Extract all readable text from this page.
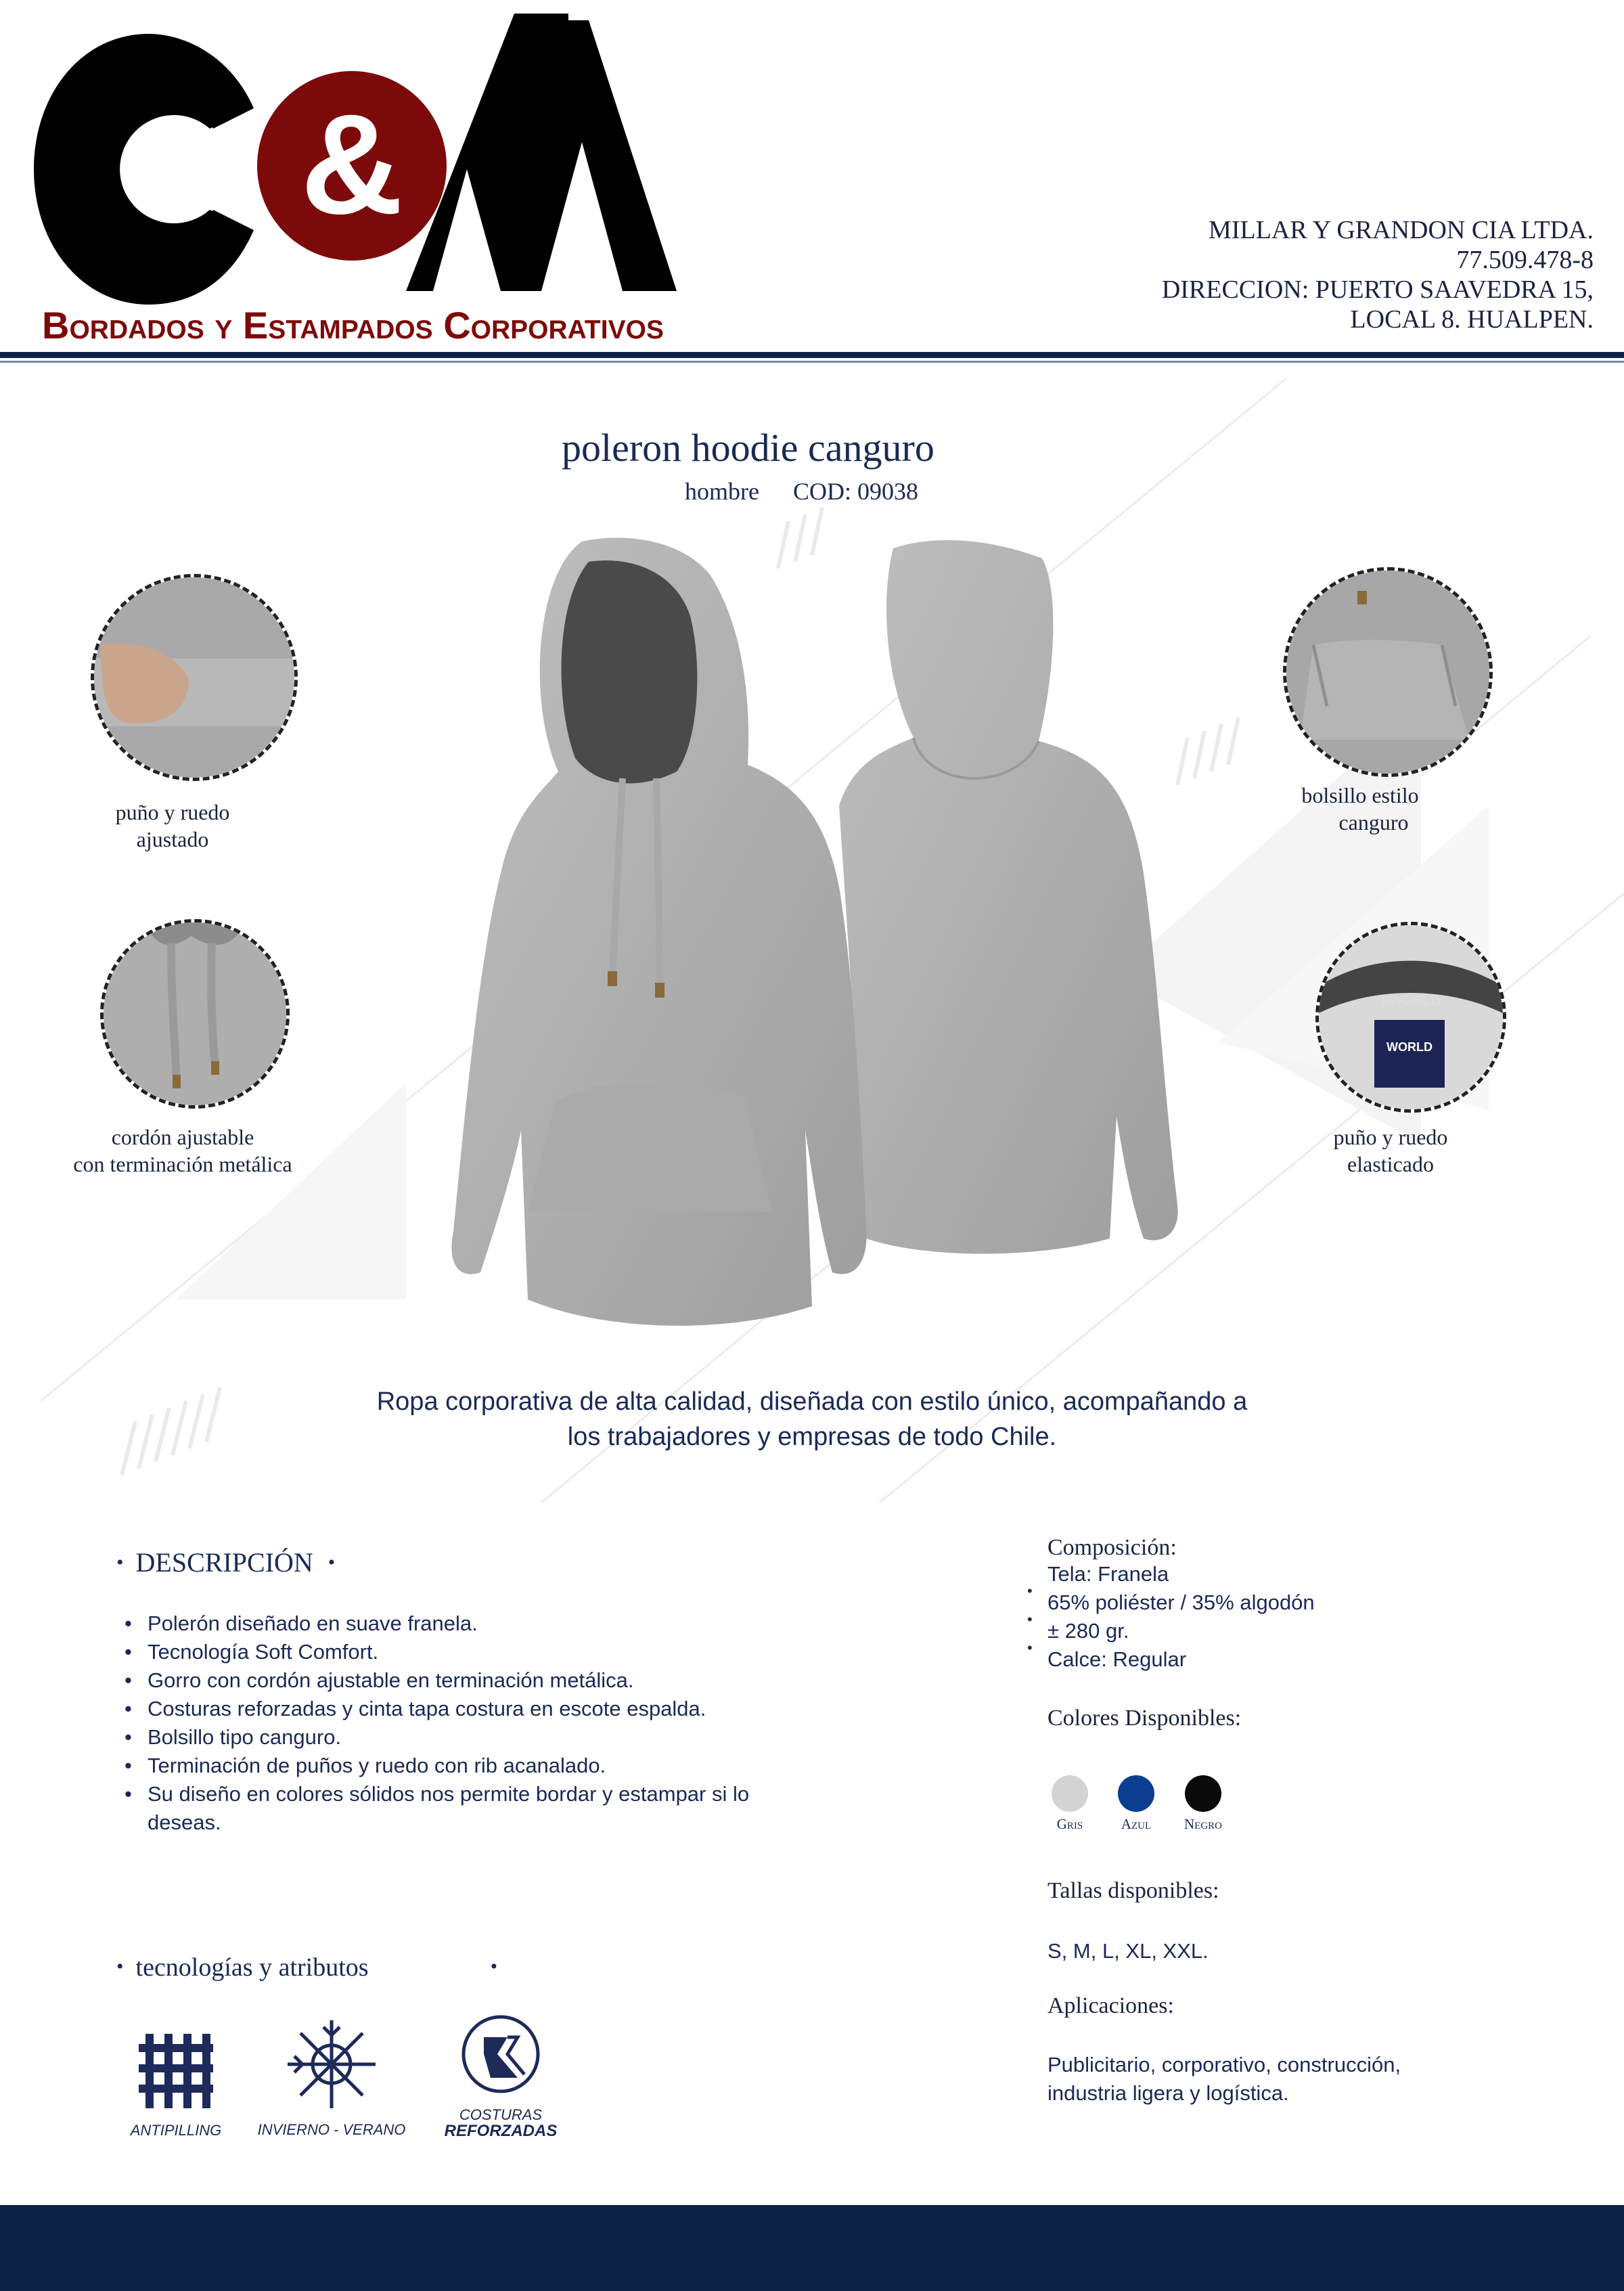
&
Bordados y Estampados Corporativos
MILLAR Y GRANDON CIA LTDA.
77.509.478-8
DIRECCION: PUERTO SAAVEDRA 15,
LOCAL 8. HUALPEN.
poleron hoodie canguro
hombre COD: 09038
puño y ruedo
ajustado
cordón ajustable
con terminación metálica
bolsillo estilo
canguro
I-WORLD
WORLD
puño y ruedo
elasticado
Ropa corporativa de alta calidad, diseñada con estilo único, acompañando a
los trabajadores y empresas de todo Chile.
• DESCRIPCIÓN •
• Polerón diseñado en suave franela.
• Tecnología Soft Comfort.
• Gorro con cordón ajustable en terminación metálica.
• Costuras reforzadas y cinta tapa costura en escote espalda.
• Bolsillo tipo canguro.
• Terminación de puños y ruedo con rib acanalado.
• Su diseño en colores sólidos nos permite bordar y estampar si lo deseas.
• tecnologías y atributos	•
ANTIPILLING	INVIERNO - VERANO
COSTURAS
REFORZADAS
Composición:
•
•
•
Tela: Franela
65% poliéster / 35% algodón
± 280 gr.
Calce: Regular
Colores Disponibles:
Gris	Azul	Negro
Tallas disponibles:
S, M, L, XL, XXL.
Aplicaciones:
Publicitario, corporativo, construcción,
industria ligera y logística.
